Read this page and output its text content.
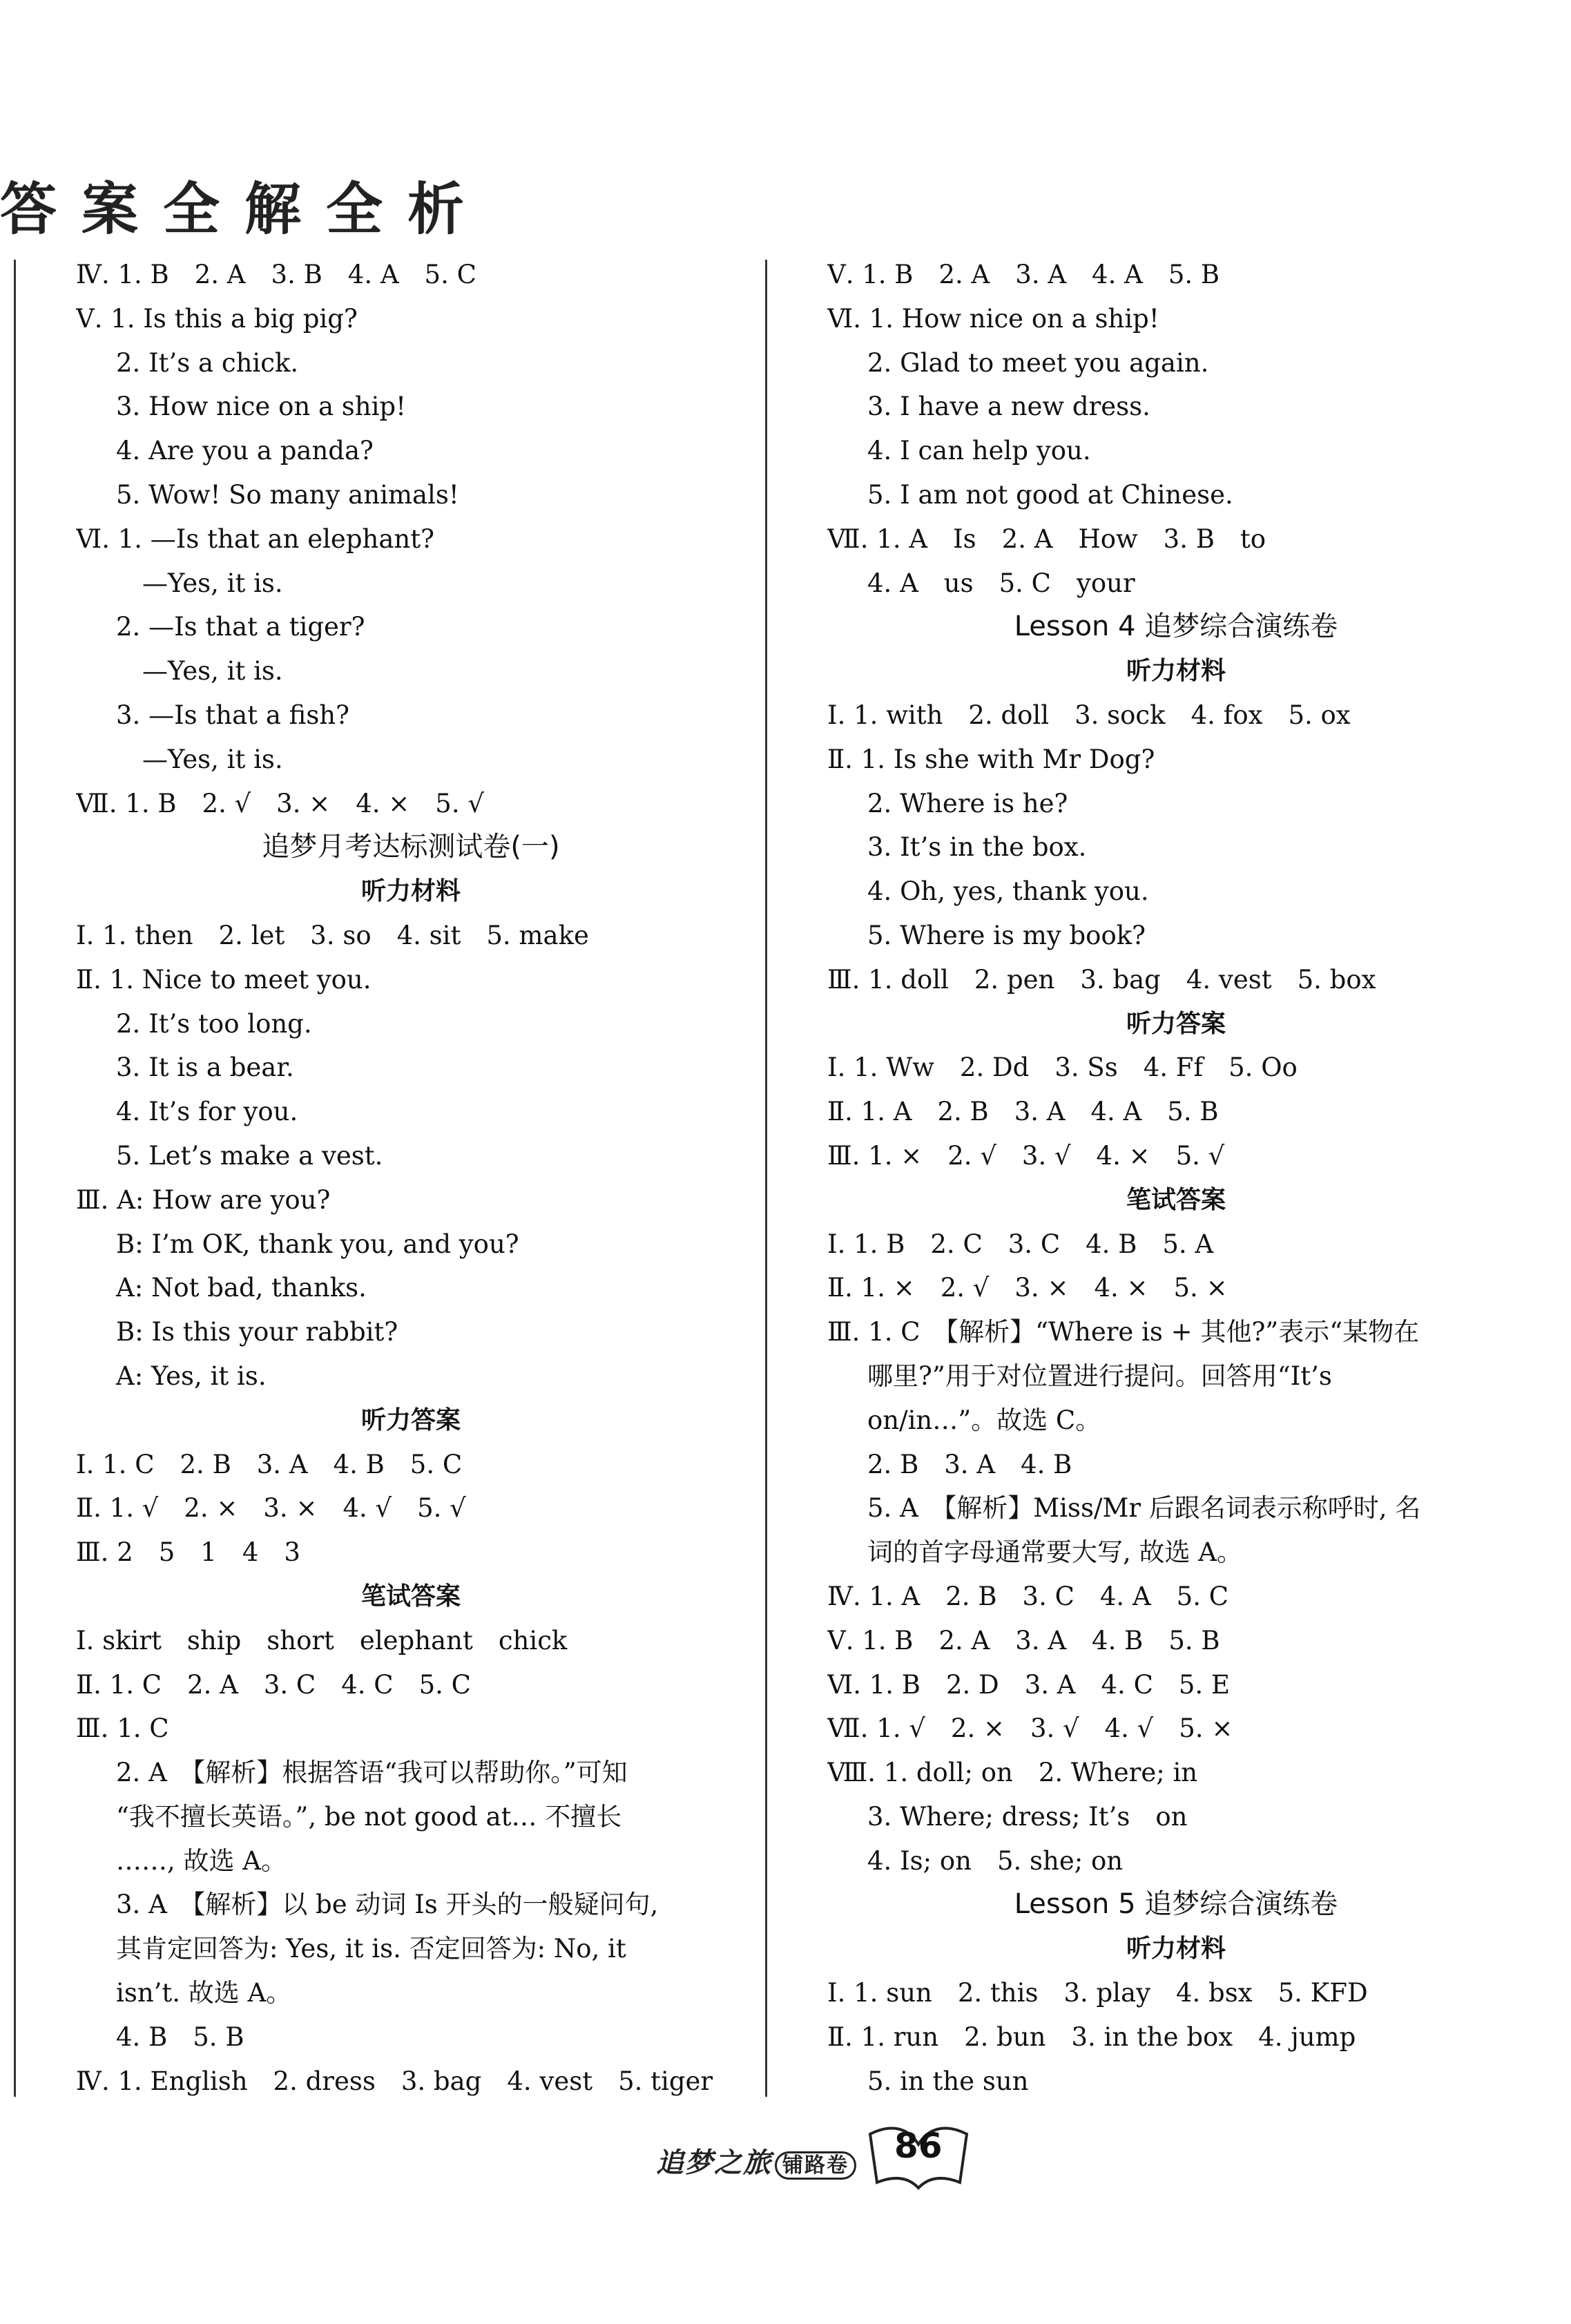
答案全解全析
Ⅳ. 1. B　2. A　3. B　4. A　5. C
Ⅴ. 1. Is this a big pig?
2. It’s a chick.
3. How nice on a ship!
4. Are you a panda?
5. Wow! So many animals!
Ⅵ. 1. —Is that an elephant?
—Yes, it is.
2. —Is that a tiger?
—Yes, it is.
3. —Is that a fish?
—Yes, it is.
Ⅶ. 1. B　2. √　3. ×　4. ×　5. √
追梦月考达标测试卷(一)
听力材料
Ⅰ. 1. then　2. let　3. so　4. sit　5. make
Ⅱ. 1. Nice to meet you.
2. It’s too long.
3. It is a bear.
4. It’s for you.
5. Let’s make a vest.
Ⅲ. A: How are you?
B: I’m OK, thank you, and you?
A: Not bad, thanks.
B: Is this your rabbit?
A: Yes, it is.
听力答案
Ⅰ. 1. C　2. B　3. A　4. B　5. C
Ⅱ. 1. √　2. ×　3. ×　4. √　5. √
Ⅲ. 2　5　1　4　3
笔试答案
Ⅰ. skirt　ship　short　elephant　chick
Ⅱ. 1. C　2. A　3. C　4. C　5. C
Ⅲ. 1. C
2. A　【解析】根据答语“我可以帮助你。”可知
“我不擅长英语。”, be not good at… 不擅长
……, 故选 A。
3. A　【解析】以 be 动词 Is 开头的一般疑问句,
其肯定回答为: Yes, it is. 否定回答为: No, it
isn’t. 故选 A。
4. B　5. B
Ⅳ. 1. English　2. dress　3. bag　4. vest　5. tiger
Ⅴ. 1. B　2. A　3. A　4. A　5. B
Ⅵ. 1. How nice on a ship!
2. Glad to meet you again.
3. I have a new dress.
4. I can help you.
5. I am not good at Chinese.
Ⅶ. 1. A　Is　2. A　How　3. B　to
4. A　us　5. C　your
Lesson 4 追梦综合演练卷
听力材料
Ⅰ. 1. with　2. doll　3. sock　4. fox　5. ox
Ⅱ. 1. Is she with Mr Dog?
2. Where is he?
3. It’s in the box.
4. Oh, yes, thank you.
5. Where is my book?
Ⅲ. 1. doll　2. pen　3. bag　4. vest　5. box
听力答案
Ⅰ. 1. Ww　2. Dd　3. Ss　4. Ff　5. Oo
Ⅱ. 1. A　2. B　3. A　4. A　5. B
Ⅲ. 1. ×　2. √　3. √　4. ×　5. √
笔试答案
Ⅰ. 1. B　2. C　3. C　4. B　5. A
Ⅱ. 1. ×　2. √　3. ×　4. ×　5. ×
Ⅲ. 1. C　【解析】“Where is + 其他?”表示“某物在
哪里?”用于对位置进行提问。回答用“It’s
on/in…”。故选 C。
2. B　3. A　4. B
5. A　【解析】Miss/Mr 后跟名词表示称呼时, 名
词的首字母通常要大写, 故选 A。
Ⅳ. 1. A　2. B　3. C　4. A　5. C
Ⅴ. 1. B　2. A　3. A　4. B　5. B
Ⅵ. 1. B　2. D　3. A　4. C　5. E
Ⅶ. 1. √　2. ×　3. √　4. √　5. ×
Ⅷ. 1. doll; on　2. Where; in
3. Where; dress; It’s　on
4. Is; on　5. she; on
Lesson 5 追梦综合演练卷
听力材料
Ⅰ. 1. sun　2. this　3. play　4. bsx　5. KFD
Ⅱ. 1. run　2. bun　3. in the box　4. jump
5. in the sun
追梦之旅 铺路卷 86
